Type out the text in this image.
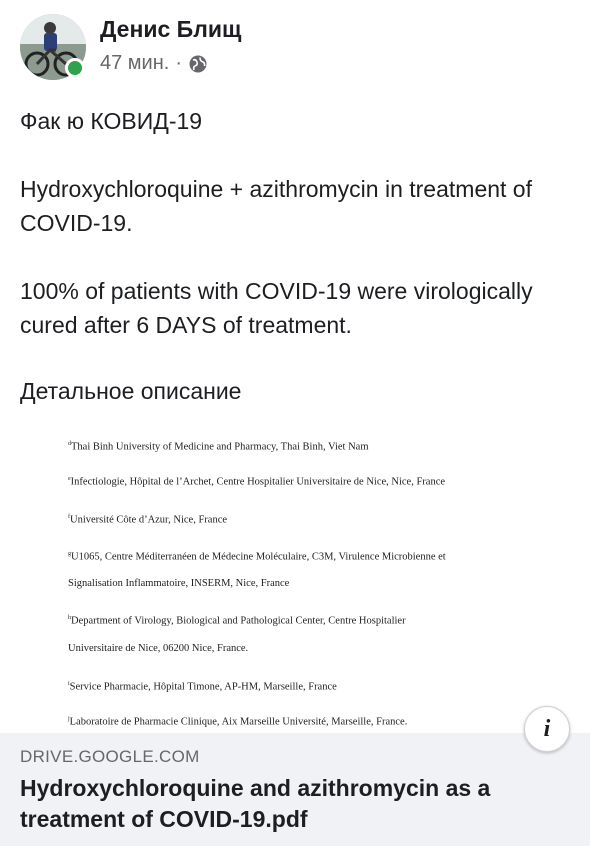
Денис Блищ
47 мин. ·

Фак ю КОВИД-19

Hydroxychloroquine + azithromycin in treatment of COVID-19.

100% of patients with COVID-19 were virologically cured after 6 DAYS of treatment.

Детальное описание

$^d$Thai Binh University of Medicine and Pharmacy, Thai Binh, Viet Nam
$^e$Infectiologie, Hôpital de l’Archet, Centre Hospitalier Universitaire de Nice, Nice, France
$^f$Université Côte d’Azur, Nice, France
$^g$U1065, Centre Méditerranéen de Médecine Moléculaire, C3M, Virulence Microbienne et
Signalisation Inflammatoire, INSERM, Nice, France
$^h$Department of Virology, Biological and Pathological Center, Centre Hospitalier
Universitaire de Nice, 06200 Nice, France.
$^i$Service Pharmacie, Hôpital Timone, AP-HM, Marseille, France
$^j$Laboratoire de Pharmacie Clinique, Aix Marseille Université, Marseille, France.
DRIVE.GOOGLE.COM
Hydroxychloroquine and azithromycin as a treatment of COVID-19.pdf
i
